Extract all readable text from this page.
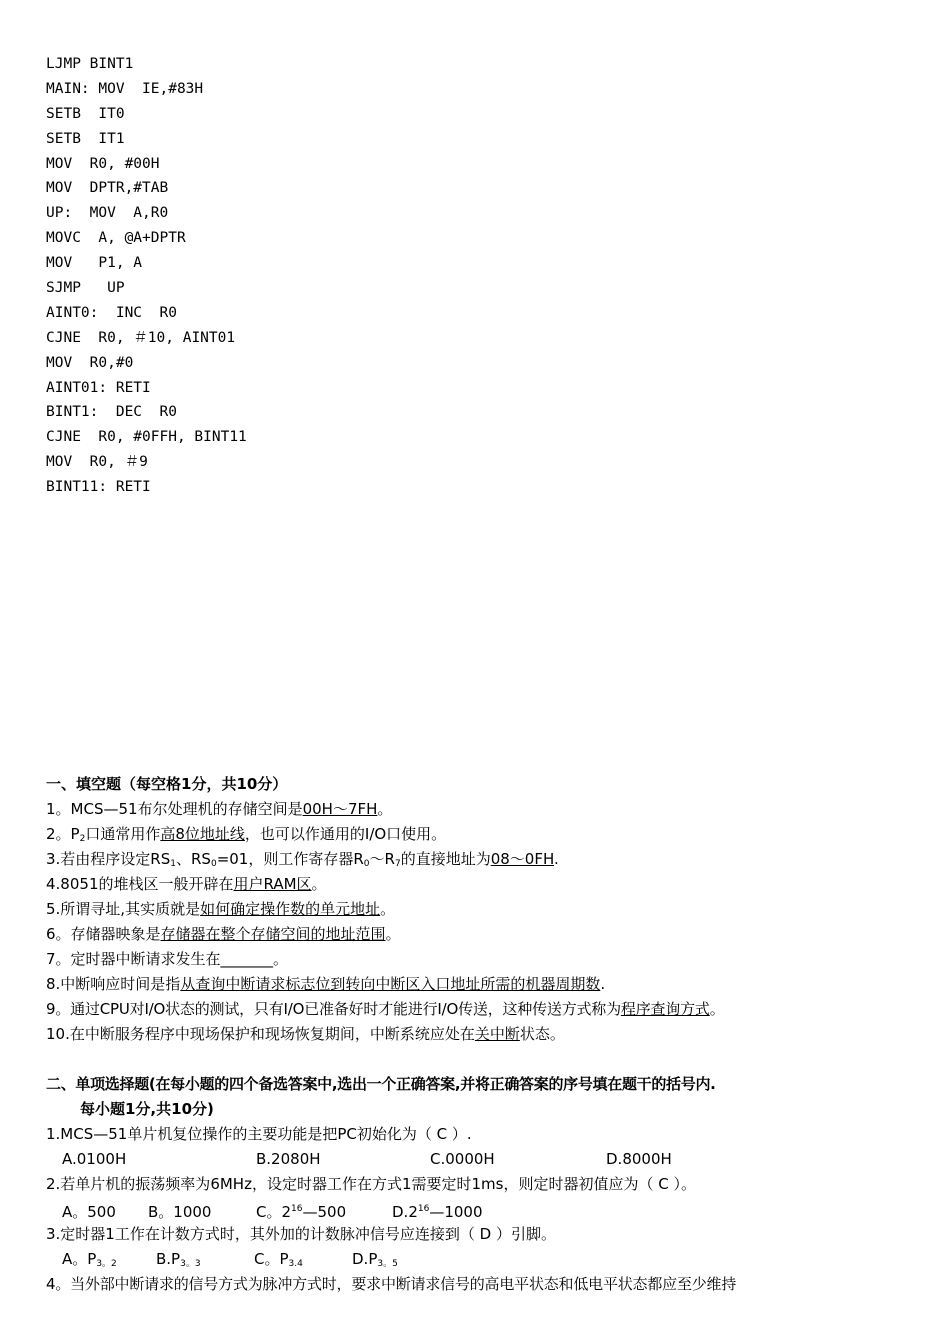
LJMP BINT1
MAIN: MOV  IE,#83H
SETB  IT0
SETB  IT1
MOV  R0, #00H
MOV  DPTR,#TAB
UP:  MOV  A,R0
MOVC  A, @A+DPTR
MOV   P1, A
SJMP   UP
AINT0:  INC  R0
CJNE  R0, ＃10, AINT01
MOV  R0,#0
AINT01: RETI
BINT1:  DEC  R0
CJNE  R0, #0FFH, BINT11
MOV  R0, ＃9
BINT11: RETI
一、填空题（每空格1分，共10分）
1。MCS—51布尔处理机的存储空间是00H～7FH。
2。$P_2$口通常用作高8位地址线，也可以作通用的I/O口使用。
3.若由程序设定$RS_1$、$RS_0=01$，则工作寄存器$R_0\sim R_7$的直接地址为08～0FH.
4.8051的堆栈区一般开辟在用户RAM区。
5.所谓寻址,其实质就是如何确定操作数的单元地址。
6。存储器映象是存储器在整个存储空间的地址范围。
7。定时器中断请求发生在_______。
8.中断响应时间是指从查询中断请求标志位到转向中断区入口地址所需的机器周期数.
9。通过CPU对I/O状态的测试，只有I/O已准备好时才能进行I/O传送，这种传送方式称为程序查询方式。
10.在中断服务程序中现场保护和现场恢复期间，中断系统应处在关中断状态。
二、单项选择题(在每小题的四个备选答案中,选出一个正确答案,并将正确答案的序号填在题干的括号内.
每小题1分,共10分)
1.MCS—51单片机复位操作的主要功能是把PC初始化为（ C ）.
A.0100H	B.2080H	C.0000H	D.8000H
2.若单片机的振荡频率为6MHz，设定时器工作在方式1需要定时1ms，则定时器初值应为（ C ）。
A。500 B。1000	C。$2^{16}—500$	$D.2^{16}—1000$
3.定时器1工作在计数方式时，其外加的计数脉冲信号应连接到（ D ）引脚。
A。$P_{3。2}$	$B.P_{3。3}$	C。$P_{3.4}$	$D.P_{3。5}$
4。当外部中断请求的信号方式为脉冲方式时，要求中断请求信号的高电平状态和低电平状态都应至少维持
